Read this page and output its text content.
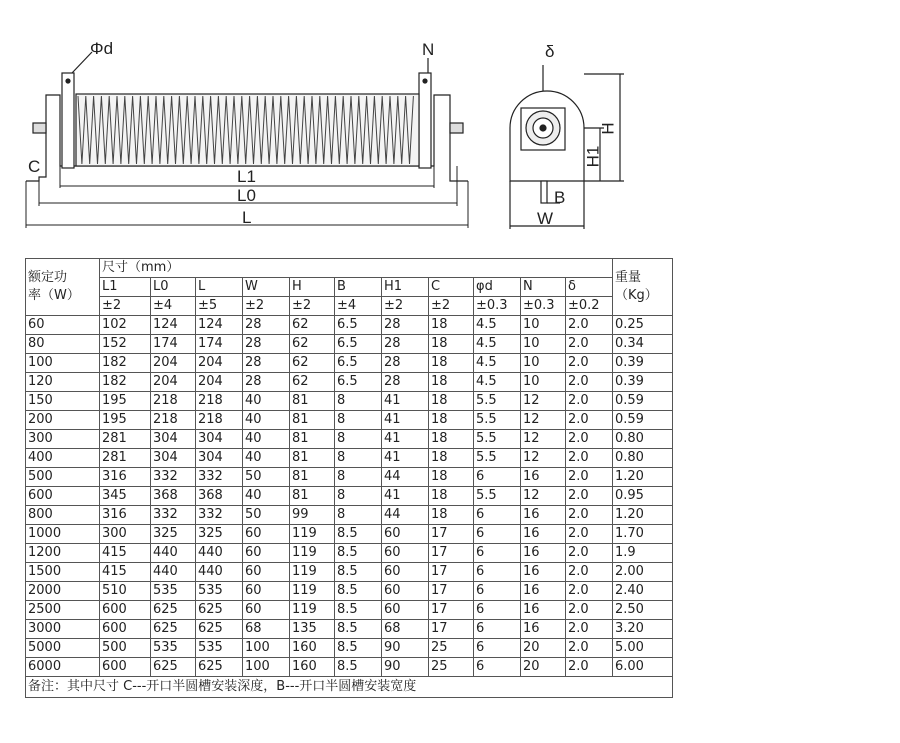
Φd	N
C
L1
L0
L
δ
H
H1
B
W
额定功
率（W）	尺寸（mm）											重量
（Kg）
	L1	L0	L	W	H	B	H1	C	φd	N	δ	
	±2	±4	±5	±2	±2	±4	±2	±2	±0.3	±0.3	±0.2	
60	102	124	124	28	62	6.5	28	18	4.5	10	2.0	0.25
80	152	174	174	28	62	6.5	28	18	4.5	10	2.0	0.34
100	182	204	204	28	62	6.5	28	18	4.5	10	2.0	0.39
120	182	204	204	28	62	6.5	28	18	4.5	10	2.0	0.39
150	195	218	218	40	81	8	41	18	5.5	12	2.0	0.59
200	195	218	218	40	81	8	41	18	5.5	12	2.0	0.59
300	281	304	304	40	81	8	41	18	5.5	12	2.0	0.80
400	281	304	304	40	81	8	41	18	5.5	12	2.0	0.80
500	316	332	332	50	81	8	44	18	6	16	2.0	1.20
600	345	368	368	40	81	8	41	18	5.5	12	2.0	0.95
800	316	332	332	50	99	8	44	18	6	16	2.0	1.20
1000	300	325	325	60	119	8.5	60	17	6	16	2.0	1.70
1200	415	440	440	60	119	8.5	60	17	6	16	2.0	1.9
1500	415	440	440	60	119	8.5	60	17	6	16	2.0	2.00
2000	510	535	535	60	119	8.5	60	17	6	16	2.0	2.40
2500	600	625	625	60	119	8.5	60	17	6	16	2.0	2.50
3000	600	625	625	68	135	8.5	68	17	6	16	2.0	3.20
5000	500	535	535	100	160	8.5	90	25	6	20	2.0	5.00
6000	600	625	625	100	160	8.5	90	25	6	20	2.0	6.00
备注：其中尺寸 C---开口半圆槽安装深度，B---开口半圆槽安装宽度												
